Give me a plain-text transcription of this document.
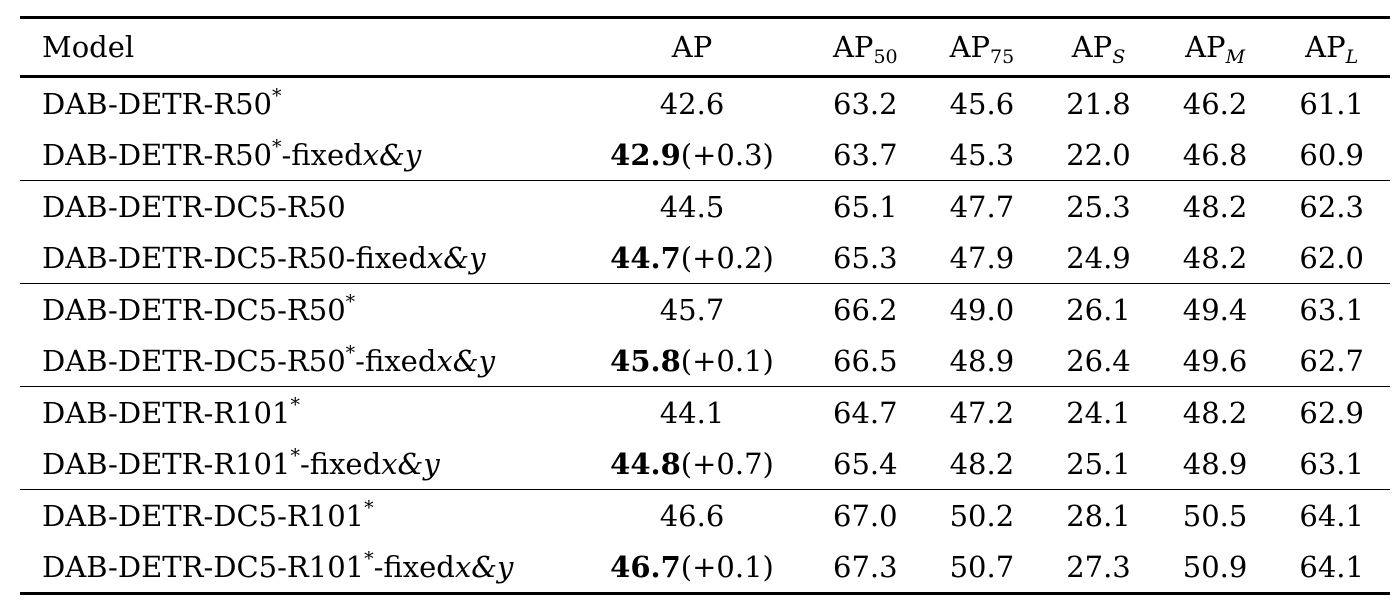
Model	AP	$AP_{50}$	$AP_{75}$	$AP_S$	$AP_M$	$AP_L$
DAB-DETR-R50*	42.6	63.2	45.6	21.8	46.2	61.1
DAB-DETR-R50*-fixedx&y	42.9(+0.3)	63.7	45.3	22.0	46.8	60.9
DAB-DETR-DC5-R50	44.5	65.1	47.7	25.3	48.2	62.3
DAB-DETR-DC5-R50-fixedx&y	44.7(+0.2)	65.3	47.9	24.9	48.2	62.0
DAB-DETR-DC5-R50*	45.7	66.2	49.0	26.1	49.4	63.1
DAB-DETR-DC5-R50*-fixedx&y	45.8(+0.1)	66.5	48.9	26.4	49.6	62.7
DAB-DETR-R101*	44.1	64.7	47.2	24.1	48.2	62.9
DAB-DETR-R101*-fixedx&y	44.8(+0.7)	65.4	48.2	25.1	48.9	63.1
DAB-DETR-DC5-R101*	46.6	67.0	50.2	28.1	50.5	64.1
DAB-DETR-DC5-R101*-fixedx&y	46.7(+0.1)	67.3	50.7	27.3	50.9	64.1
